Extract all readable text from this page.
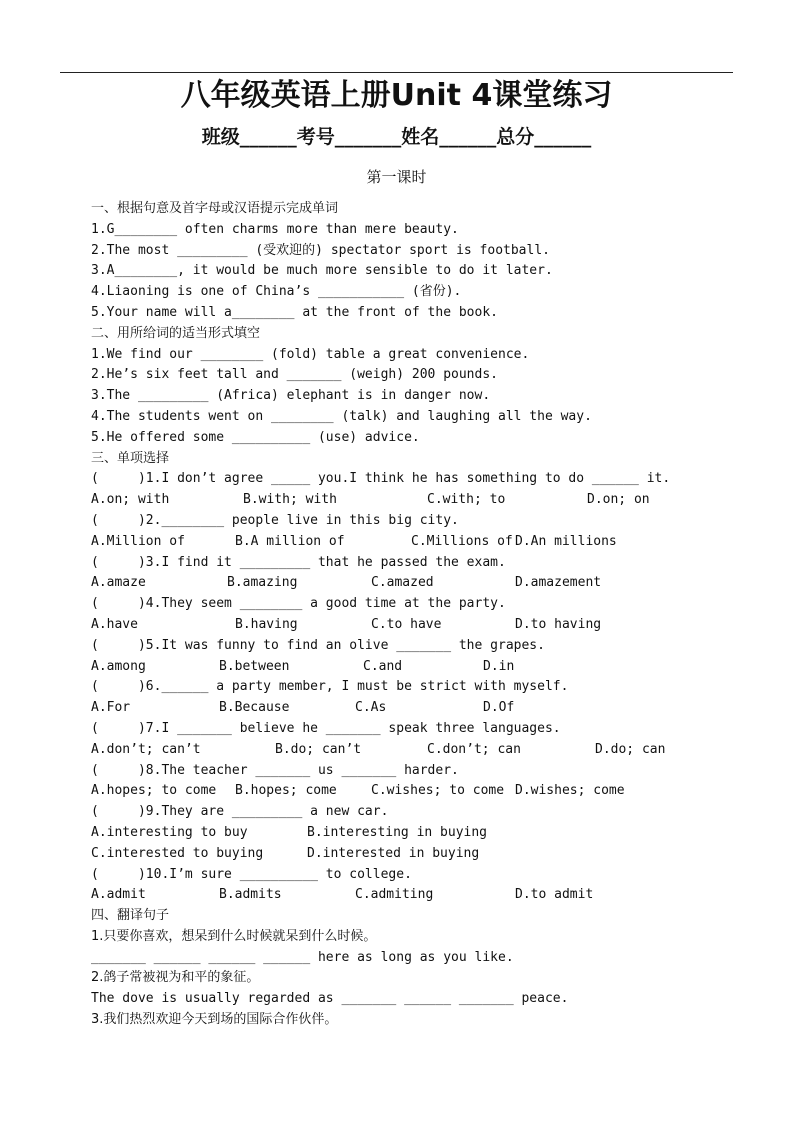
八年级英语上册Unit 4课堂练习
班级______考号_______姓名______总分______
第一课时
一、根据句意及首字母或汉语提示完成单词
1.G________ often charms more than mere beauty.
2.The most _________ (受欢迎的) spectator sport is football.
3.A________, it would be much more sensible to do it later.
4.Liaoning is one of China’s ___________ (省份).
5.Your name will a________ at the front of the book.
二、用所给词的适当形式填空
1.We find our ________ (fold) table a great convenience.
2.He’s six feet tall and _______ (weigh) 200 pounds.
3.The _________ (Africa) elephant is in danger now.
4.The students went on ________ (talk) and laughing all the way.
5.He offered some __________ (use) advice.
三、单项选择
(     )1.I don’t agree _____ you.I think he has something to do ______ it.
A.on; with	B.with; with	C.with; to	D.on; on
(     )2.________ people live in this big city.
A.Million of	B.A million of	C.Millions of D.An millions
(     )3.I find it _________ that he passed the exam.
A.amaze	B.amazing	C.amazed	D.amazement
(     )4.They seem ________ a good time at the party.
A.have	B.having	C.to have	D.to having
(     )5.It was funny to find an olive _______ the grapes.
A.among	B.between	C.and	D.in
(     )6.______ a party member, I must be strict with myself.
A.For	B.Because	C.As	D.Of
(     )7.I _______ believe he _______ speak three languages.
A.don’t; can’t	B.do; can’t	C.don’t; can	D.do; can
(     )8.The teacher _______ us _______ harder.
A.hopes; to come	B.hopes; come	C.wishes; to come D.wishes; come
(     )9.They are _________ a new car.
A.interesting to buy	B.interesting in buying
C.interested to buying	D.interested in buying
(     )10.I’m sure __________ to college.
A.admit	B.admits	C.admiting	D.to admit
四、翻译句子
1.只要你喜欢，想呆到什么时候就呆到什么时候。
_______ ______ ______ ______ here as long as you like.
2.鸽子常被视为和平的象征。
The dove is usually regarded as _______ ______ _______ peace.
3.我们热烈欢迎今天到场的国际合作伙伴。
